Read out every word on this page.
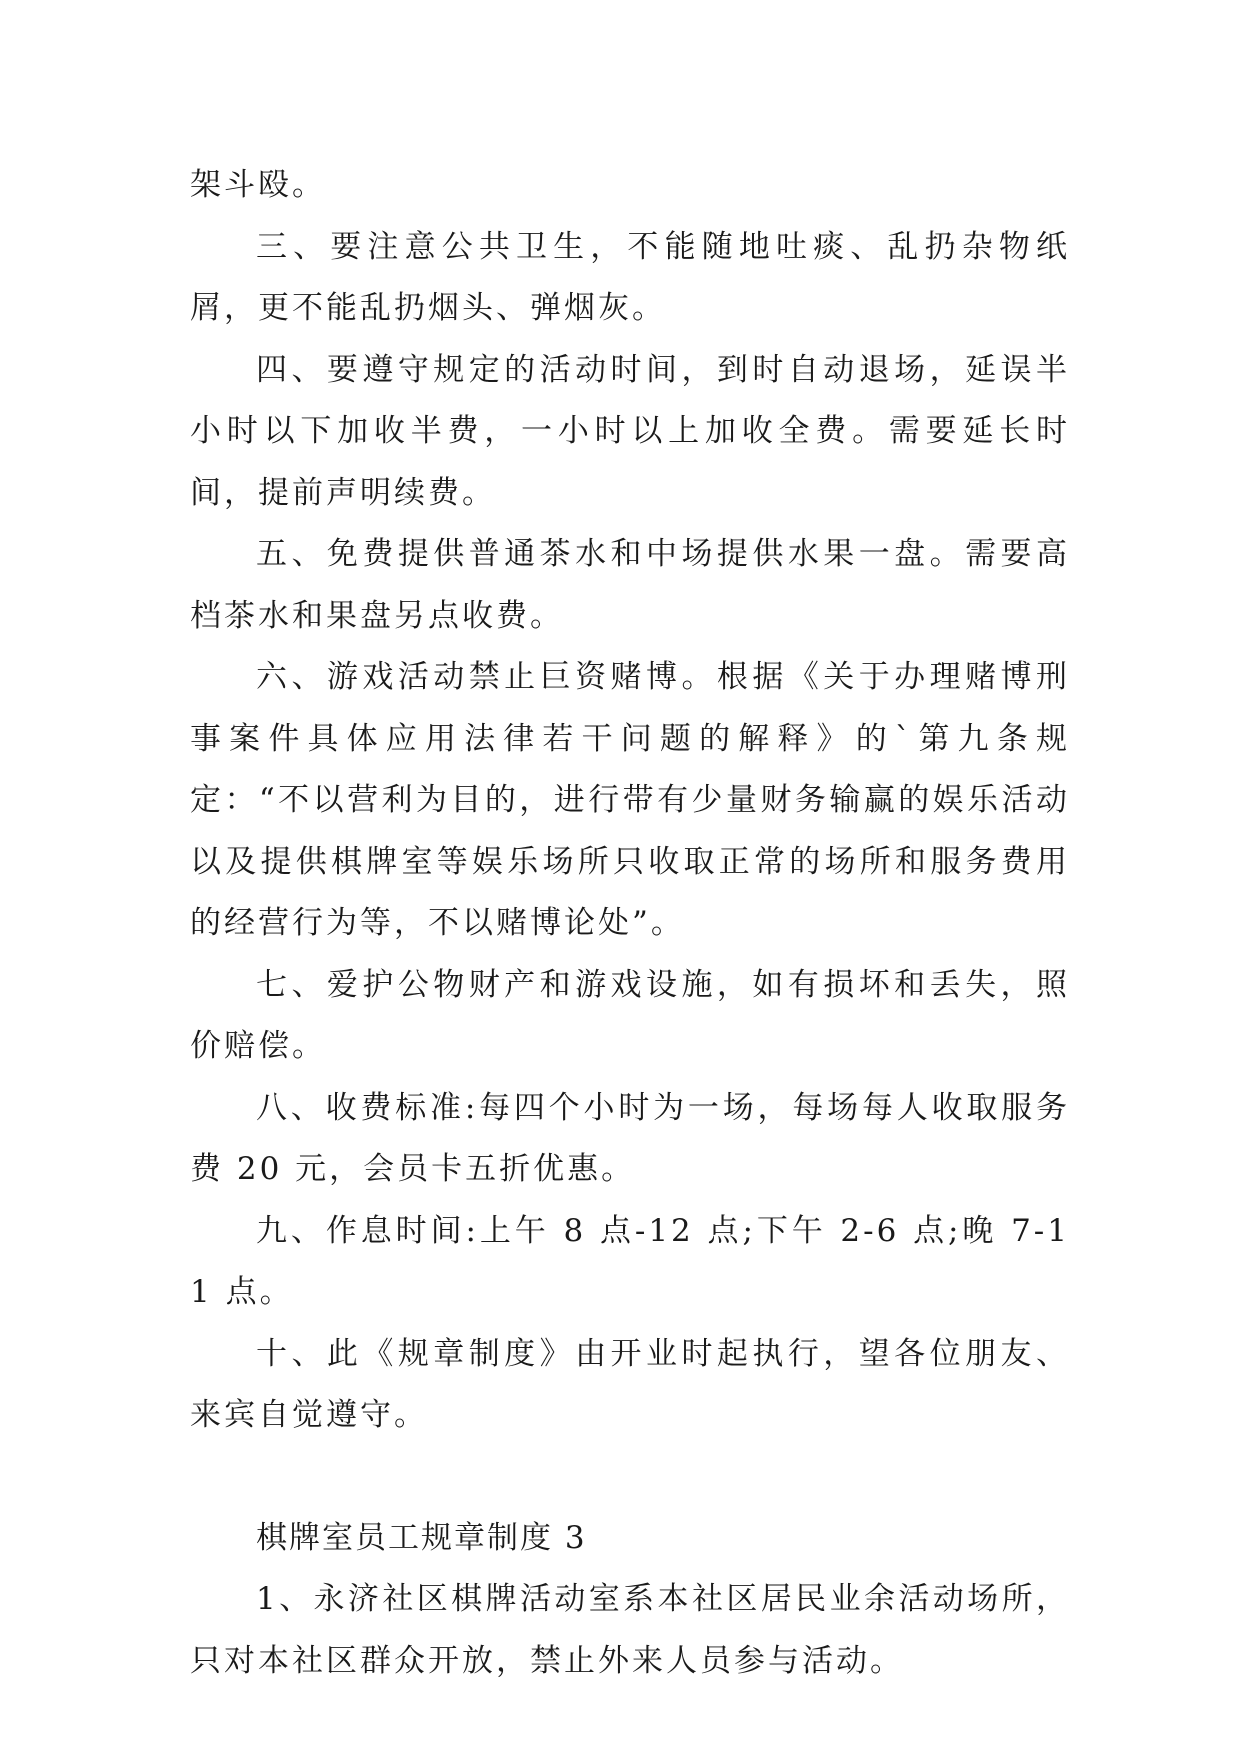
架斗殴。

三、要注意公共卫生，不能随地吐痰、乱扔杂物纸屑，更不能乱扔烟头、弹烟灰。

四、要遵守规定的活动时间，到时自动退场，延误半小时以下加收半费，一小时以上加收全费。需要延长时间，提前声明续费。

五、免费提供普通茶水和中场提供水果一盘。需要高档茶水和果盘另点收费。

六、游戏活动禁止巨资赌博。根据《关于办理赌博刑事案件具体应用法律若干问题的解释》的`第九条规定：“不以营利为目的，进行带有少量财务输赢的娱乐活动以及提供棋牌室等娱乐场所只收取正常的场所和服务费用的经营行为等，不以赌博论处”。

七、爱护公物财产和游戏设施，如有损坏和丢失，照价赔偿。

八、收费标准:每四个小时为一场，每场每人收取服务费 20 元，会员卡五折优惠。

九、作息时间:上午 8 点-12 点;下午 2-6 点;晚 7-11 点。

十、此《规章制度》由开业时起执行，望各位朋友、来宾自觉遵守。

棋牌室员工规章制度 3

1、永济社区棋牌活动室系本社区居民业余活动场所，只对本社区群众开放，禁止外来人员参与活动。
